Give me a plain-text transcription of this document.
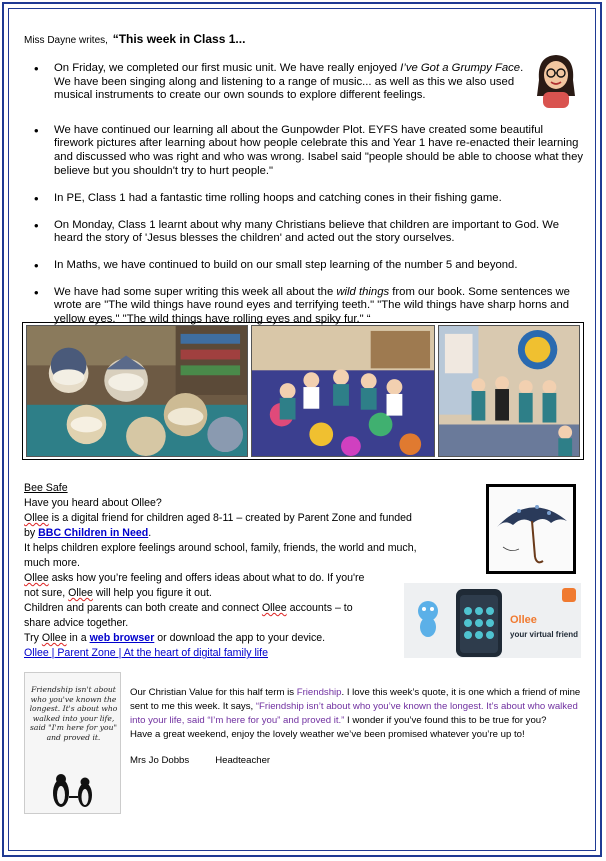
Miss Dayne writes, “This week in Class 1...
• On Friday, we completed our first music unit. We have really enjoyed I’ve Got a Grumpy Face. We have been singing along and listening to a range of music... as well as this we also used musical instruments to create our own sounds to explore different feelings.
• We have continued our learning all about the Gunpowder Plot. EYFS have created some beautiful firework pictures after learning about how people celebrate this and Year 1 have re-enacted their learning and discussed who was right and who was wrong. Isabel said "people should be able to choose what they believe but you shouldn't try to hurt people."
• In PE, Class 1 had a fantastic time rolling hoops and catching cones in their fishing game.
• On Monday, Class 1 learnt about why many Christians believe that children are important to God. We heard the story of 'Jesus blesses the children' and acted out the story ourselves.
• In Maths, we have continued to build on our small step learning of the number 5 and beyond.
• We have had some super writing this week all about the wild things from our book. Some sentences we wrote are "The wild things have round eyes and terrifying teeth." "The wild things have sharp horns and yellow eyes." "The wild things have rolling eyes and spiky fur." “
Bee Safe
Have you heard about Ollee?
Ollee is a digital friend for children aged 8-11 – created by Parent Zone and funded
by BBC Children in Need.
It helps children explore feelings around school, family, friends, the world and much,
much more.
Ollee asks how you’re feeling and offers ideas about what to do. If you're
not sure, Ollee will help you figure it out.
Children and parents can both create and connect Ollee accounts – to
share advice together.
Try Ollee in a web browser or download the app to your device.
Ollee | Parent Zone | At the heart of digital family life
Ollee
your virtual friend
Friendship isn't about who you've known the longest. It's about who walked into your life, said "I'm here for you" and proved it.
Our Christian Value for this half term is Friendship. I love this week’s quote, it is one which a friend of mine sent to me this week. It says, “Friendship isn’t about who you’ve known the longest. It’s about who walked into your life, said “I’m here for you” and proved it.” I wonder if you’ve found this to be true for you?
Have a great weekend, enjoy the lovely weather we’ve been promised whatever you’re up to!
Mrs Jo Dobbs	Headteacher
